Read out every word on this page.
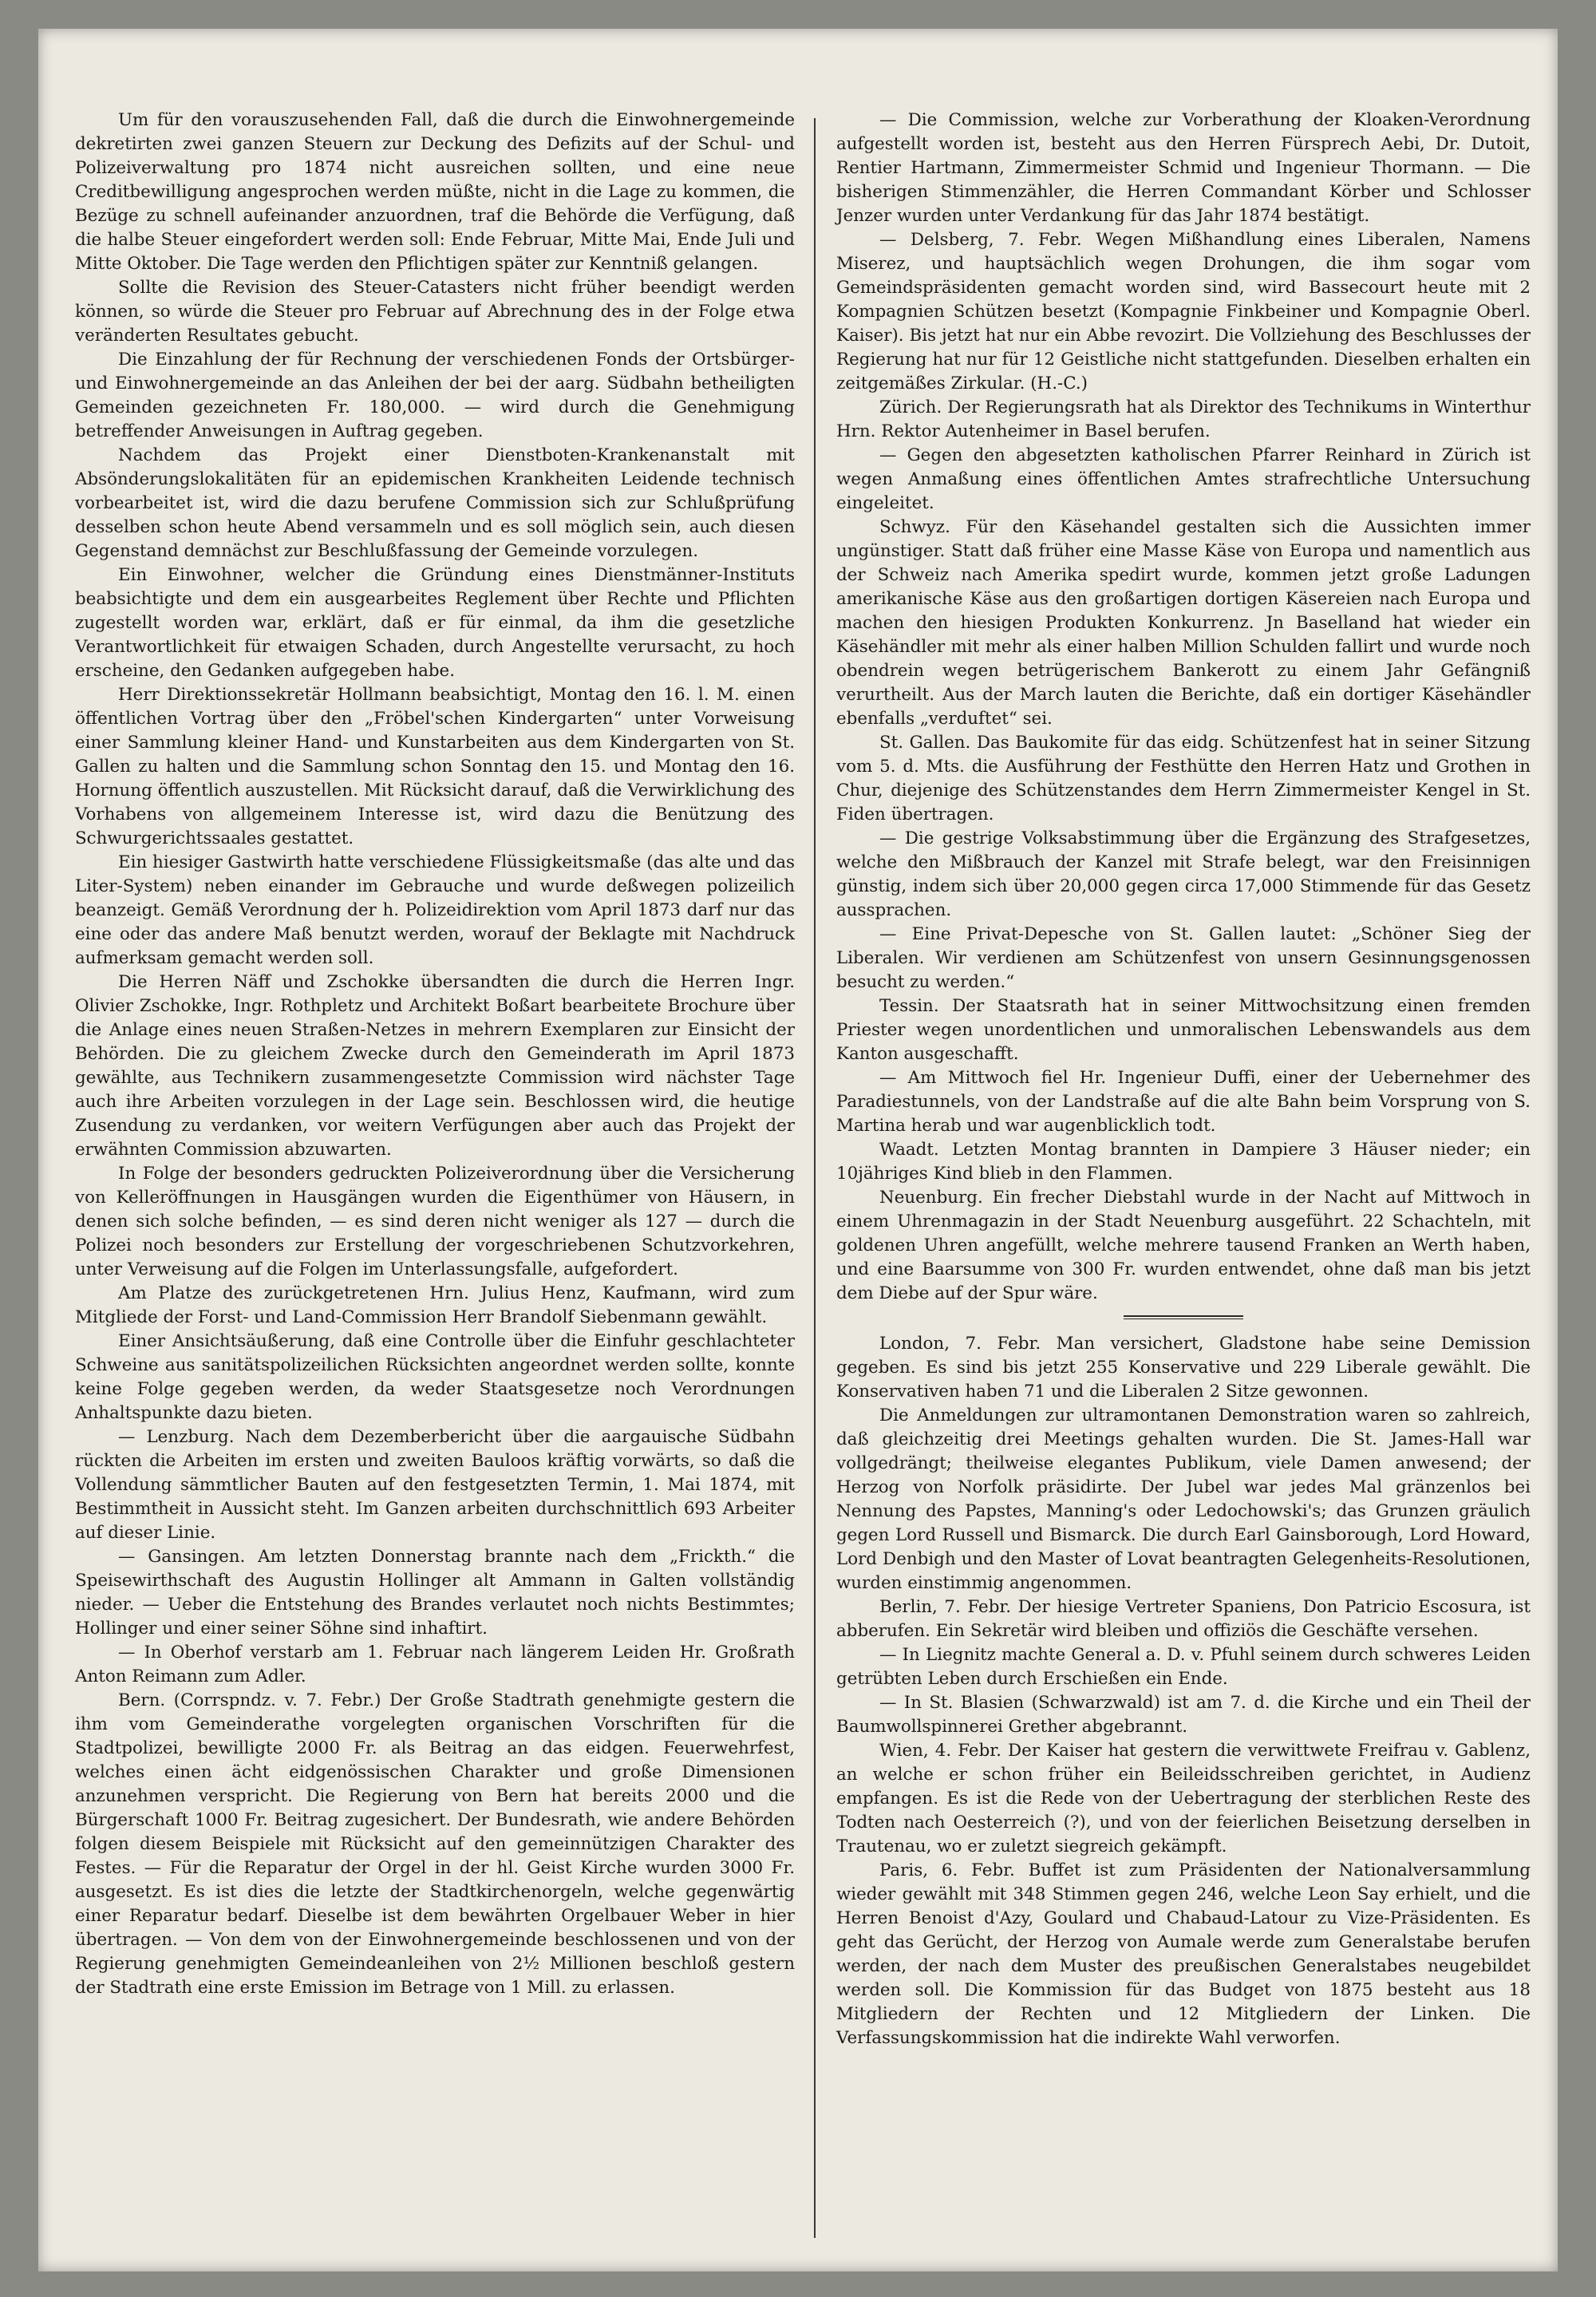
Um für den vorauszusehenden Fall, daß die durch die Einwohnergemeinde dekretirten zwei ganzen Steuern zur Deckung des Defizits auf der Schul- und Polizeiverwaltung pro 1874 nicht ausreichen sollten, und eine neue Creditbewilligung angesprochen werden müßte, nicht in die Lage zu kommen, die Bezüge zu schnell aufeinander anzuordnen, traf die Behörde die Verfügung, daß die halbe Steuer eingefordert werden soll: Ende Februar, Mitte Mai, Ende Juli und Mitte Oktober. Die Tage werden den Pflichtigen später zur Kenntniß gelangen.

Sollte die Revision des Steuer-Catasters nicht früher beendigt werden können, so würde die Steuer pro Februar auf Abrechnung des in der Folge etwa veränderten Resultates gebucht.

Die Einzahlung der für Rechnung der verschiedenen Fonds der Ortsbürger- und Einwohnergemeinde an das Anleihen der bei der aarg. Südbahn betheiligten Gemeinden gezeichneten Fr. 180,000. — wird durch die Genehmigung betreffender Anweisungen in Auftrag gegeben.

Nachdem das Projekt einer Dienstboten-Krankenanstalt mit Absönderungslokalitäten für an epidemischen Krankheiten Leidende technisch vorbearbeitet ist, wird die dazu berufene Commission sich zur Schlußprüfung desselben schon heute Abend versammeln und es soll möglich sein, auch diesen Gegenstand demnächst zur Beschlußfassung der Gemeinde vorzulegen.

Ein Einwohner, welcher die Gründung eines Dienstmänner-Instituts beabsichtigte und dem ein ausgearbeites Reglement über Rechte und Pflichten zugestellt worden war, erklärt, daß er für einmal, da ihm die gesetzliche Verantwortlichkeit für etwaigen Schaden, durch Angestellte verursacht, zu hoch erscheine, den Gedanken aufgegeben habe.

Herr Direktionssekretär Hollmann beabsichtigt, Montag den 16. l. M. einen öffentlichen Vortrag über den „Fröbel'schen Kindergarten“ unter Vorweisung einer Sammlung kleiner Hand- und Kunstarbeiten aus dem Kindergarten von St. Gallen zu halten und die Sammlung schon Sonntag den 15. und Montag den 16. Hornung öffentlich auszustellen. Mit Rücksicht darauf, daß die Verwirklichung des Vorhabens von allgemeinem Interesse ist, wird dazu die Benützung des Schwurgerichtssaales gestattet.

Ein hiesiger Gastwirth hatte verschiedene Flüssigkeitsmaße (das alte und das Liter-System) neben einander im Gebrauche und wurde deßwegen polizeilich beanzeigt. Gemäß Verordnung der h. Polizeidirektion vom April 1873 darf nur das eine oder das andere Maß benutzt werden, worauf der Beklagte mit Nachdruck aufmerksam gemacht werden soll.

Die Herren Näff und Zschokke übersandten die durch die Herren Ingr. Olivier Zschokke, Ingr. Rothpletz und Architekt Boßart bearbeitete Brochure über die Anlage eines neuen Straßen-Netzes in mehrern Exemplaren zur Einsicht der Behörden. Die zu gleichem Zwecke durch den Gemeinderath im April 1873 gewählte, aus Technikern zusammengesetzte Commission wird nächster Tage auch ihre Arbeiten vorzulegen in der Lage sein. Beschlossen wird, die heutige Zusendung zu verdanken, vor weitern Verfügungen aber auch das Projekt der erwähnten Commission abzuwarten.

In Folge der besonders gedruckten Polizeiverordnung über die Versicherung von Kelleröffnungen in Hausgängen wurden die Eigenthümer von Häusern, in denen sich solche befinden, — es sind deren nicht weniger als 127 — durch die Polizei noch besonders zur Erstellung der vorgeschriebenen Schutzvorkehren, unter Verweisung auf die Folgen im Unterlassungsfalle, aufgefordert.

Am Platze des zurückgetretenen Hrn. Julius Henz, Kaufmann, wird zum Mitgliede der Forst- und Land-Commission Herr Brandolf Siebenmann gewählt.

Einer Ansichtsäußerung, daß eine Controlle über die Einfuhr geschlachteter Schweine aus sanitätspolizeilichen Rücksichten angeordnet werden sollte, konnte keine Folge gegeben werden, da weder Staatsgesetze noch Verordnungen Anhaltspunkte dazu bieten.

— Lenzburg. Nach dem Dezemberbericht über die aargauische Südbahn rückten die Arbeiten im ersten und zweiten Bauloos kräftig vorwärts, so daß die Vollendung sämmtlicher Bauten auf den festgesetzten Termin, 1. Mai 1874, mit Bestimmtheit in Aussicht steht. Im Ganzen arbeiten durchschnittlich 693 Arbeiter auf dieser Linie.

— Gansingen. Am letzten Donnerstag brannte nach dem „Frickth.“ die Speisewirthschaft des Augustin Hollinger alt Ammann in Galten vollständig nieder. — Ueber die Entstehung des Brandes verlautet noch nichts Bestimmtes; Hollinger und einer seiner Söhne sind inhaftirt.

— In Oberhof verstarb am 1. Februar nach längerem Leiden Hr. Großrath Anton Reimann zum Adler.

Bern. (Corrspndz. v. 7. Febr.) Der Große Stadtrath genehmigte gestern die ihm vom Gemeinderathe vorgelegten organischen Vorschriften für die Stadtpolizei, bewilligte 2000 Fr. als Beitrag an das eidgen. Feuerwehrfest, welches einen ächt eidgenössischen Charakter und große Dimensionen anzunehmen verspricht. Die Regierung von Bern hat bereits 2000 und die Bürgerschaft 1000 Fr. Beitrag zugesichert. Der Bundesrath, wie andere Behörden folgen diesem Beispiele mit Rücksicht auf den gemeinnützigen Charakter des Festes. — Für die Reparatur der Orgel in der hl. Geist Kirche wurden 3000 Fr. ausgesetzt. Es ist dies die letzte der Stadtkirchenorgeln, welche gegenwärtig einer Reparatur bedarf. Dieselbe ist dem bewährten Orgelbauer Weber in hier übertragen. — Von dem von der Einwohnergemeinde beschlossenen und von der Regierung genehmigten Gemeindeanleihen von 2½ Millionen beschloß gestern der Stadtrath eine erste Emission im Betrage von 1 Mill. zu erlassen.

— Die Commission, welche zur Vorberathung der Kloaken-Verordnung aufgestellt worden ist, besteht aus den Herren Fürsprech Aebi, Dr. Dutoit, Rentier Hartmann, Zimmermeister Schmid und Ingenieur Thormann. — Die bisherigen Stimmenzähler, die Herren Commandant Körber und Schlosser Jenzer wurden unter Verdankung für das Jahr 1874 bestätigt.

— Delsberg, 7. Febr. Wegen Mißhandlung eines Liberalen, Namens Miserez, und hauptsächlich wegen Drohungen, die ihm sogar vom Gemeindspräsidenten gemacht worden sind, wird Bassecourt heute mit 2 Kompagnien Schützen besetzt (Kompagnie Finkbeiner und Kompagnie Oberl. Kaiser). Bis jetzt hat nur ein Abbe revozirt. Die Vollziehung des Beschlusses der Regierung hat nur für 12 Geistliche nicht stattgefunden. Dieselben erhalten ein zeitgemäßes Zirkular. (H.-C.)

Zürich. Der Regierungsrath hat als Direktor des Technikums in Winterthur Hrn. Rektor Autenheimer in Basel berufen.

— Gegen den abgesetzten katholischen Pfarrer Reinhard in Zürich ist wegen Anmaßung eines öffentlichen Amtes strafrechtliche Untersuchung eingeleitet.

Schwyz. Für den Käsehandel gestalten sich die Aussichten immer ungünstiger. Statt daß früher eine Masse Käse von Europa und namentlich aus der Schweiz nach Amerika spedirt wurde, kommen jetzt große Ladungen amerikanische Käse aus den großartigen dortigen Käsereien nach Europa und machen den hiesigen Produkten Konkurrenz. Jn Baselland hat wieder ein Käsehändler mit mehr als einer halben Million Schulden fallirt und wurde noch obendrein wegen betrügerischem Bankerott zu einem Jahr Gefängniß verurtheilt. Aus der March lauten die Berichte, daß ein dortiger Käsehändler ebenfalls „verduftet“ sei.

St. Gallen. Das Baukomite für das eidg. Schützenfest hat in seiner Sitzung vom 5. d. Mts. die Ausführung der Festhütte den Herren Hatz und Grothen in Chur, diejenige des Schützenstandes dem Herrn Zimmermeister Kengel in St. Fiden übertragen.

— Die gestrige Volksabstimmung über die Ergänzung des Strafgesetzes, welche den Mißbrauch der Kanzel mit Strafe belegt, war den Freisinnigen günstig, indem sich über 20,000 gegen circa 17,000 Stimmende für das Gesetz aussprachen.

— Eine Privat-Depesche von St. Gallen lautet: „Schöner Sieg der Liberalen. Wir verdienen am Schützenfest von unsern Gesinnungsgenossen besucht zu werden.“

Tessin. Der Staatsrath hat in seiner Mittwochsitzung einen fremden Priester wegen unordentlichen und unmoralischen Lebenswandels aus dem Kanton ausgeschafft.

— Am Mittwoch fiel Hr. Ingenieur Duffi, einer der Uebernehmer des Paradiestunnels, von der Landstraße auf die alte Bahn beim Vorsprung von S. Martina herab und war augenblicklich todt.

Waadt. Letzten Montag brannten in Dampiere 3 Häuser nieder; ein 10jähriges Kind blieb in den Flammen.

Neuenburg. Ein frecher Diebstahl wurde in der Nacht auf Mittwoch in einem Uhrenmagazin in der Stadt Neuenburg ausgeführt. 22 Schachteln, mit goldenen Uhren angefüllt, welche mehrere tausend Franken an Werth haben, und eine Baarsumme von 300 Fr. wurden entwendet, ohne daß man bis jetzt dem Diebe auf der Spur wäre.

London, 7. Febr. Man versichert, Gladstone habe seine Demission gegeben. Es sind bis jetzt 255 Konservative und 229 Liberale gewählt. Die Konservativen haben 71 und die Liberalen 2 Sitze gewonnen.

Die Anmeldungen zur ultramontanen Demonstration waren so zahlreich, daß gleichzeitig drei Meetings gehalten wurden. Die St. James-Hall war vollgedrängt; theilweise elegantes Publikum, viele Damen anwesend; der Herzog von Norfolk präsidirte. Der Jubel war jedes Mal gränzenlos bei Nennung des Papstes, Manning's oder Ledochowski's; das Grunzen gräulich gegen Lord Russell und Bismarck. Die durch Earl Gainsborough, Lord Howard, Lord Denbigh und den Master of Lovat beantragten Gelegenheits-Resolutionen, wurden einstimmig angenommen.

Berlin, 7. Febr. Der hiesige Vertreter Spaniens, Don Patricio Escosura, ist abberufen. Ein Sekretär wird bleiben und offiziös die Geschäfte versehen.

— In Liegnitz machte General a. D. v. Pfuhl seinem durch schweres Leiden getrübten Leben durch Erschießen ein Ende.

— In St. Blasien (Schwarzwald) ist am 7. d. die Kirche und ein Theil der Baumwollspinnerei Grether abgebrannt.

Wien, 4. Febr. Der Kaiser hat gestern die verwittwete Freifrau v. Gablenz, an welche er schon früher ein Beileidsschreiben gerichtet, in Audienz empfangen. Es ist die Rede von der Uebertragung der sterblichen Reste des Todten nach Oesterreich (?), und von der feierlichen Beisetzung derselben in Trautenau, wo er zuletzt siegreich gekämpft.

Paris, 6. Febr. Buffet ist zum Präsidenten der Nationalversammlung wieder gewählt mit 348 Stimmen gegen 246, welche Leon Say erhielt, und die Herren Benoist d'Azy, Goulard und Chabaud-Latour zu Vize-Präsidenten. Es geht das Gerücht, der Herzog von Aumale werde zum Generalstabe berufen werden, der nach dem Muster des preußischen Generalstabes neugebildet werden soll. Die Kommission für das Budget von 1875 besteht aus 18 Mitgliedern der Rechten und 12 Mitgliedern der Linken. Die Verfassungskommission hat die indirekte Wahl verworfen.
